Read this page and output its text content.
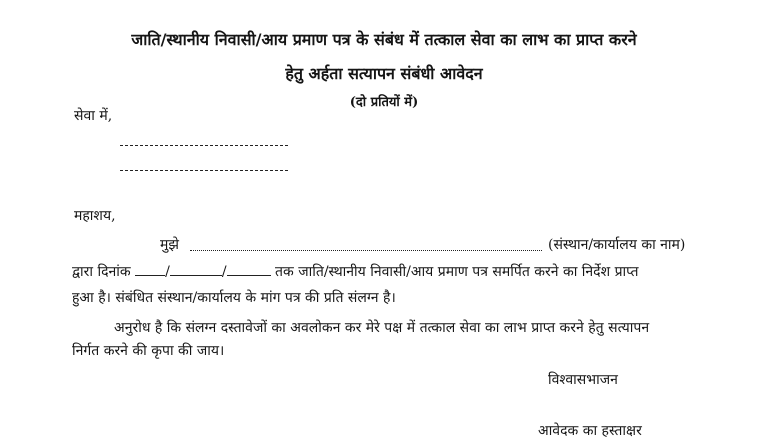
जाति/स्थानीय निवासी/आय प्रमाण पत्र के संबंध में तत्काल सेवा का लाभ का प्राप्त करने
हेतु अर्हता सत्यापन संबंधी आवेदन
(दो प्रतियों में)
सेवा में,
महाशय,
मुझे	(संस्थान/कार्यालय का नाम)
द्वारा दिनांक /	/	तक जाति/स्थानीय निवासी/आय प्रमाण पत्र समर्पित करने का निर्देश प्राप्त
हुआ है। संबंधित संस्थान/कार्यालय के मांग पत्र की प्रति संलग्न है।
अनुरोध है कि संलग्न दस्तावेजों का अवलोकन कर मेरे पक्ष में तत्काल सेवा का लाभ प्राप्त करने हेतु सत्यापन
निर्गत करने की कृपा की जाय।
विश्वासभाजन
आवेदक का हस्ताक्षर
